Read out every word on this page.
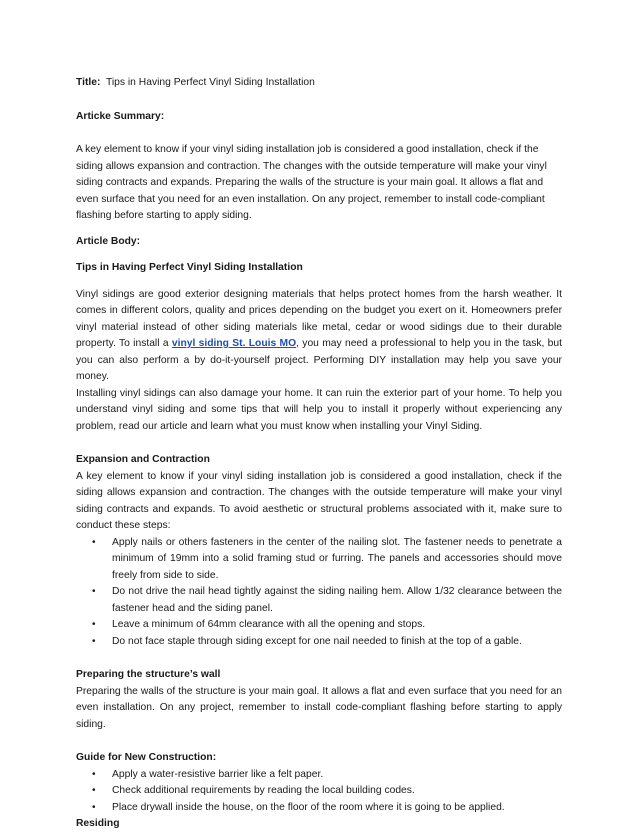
Title: Tips in Having Perfect Vinyl Siding Installation

Articke Summary:

A key element to know if your vinyl siding installation job is considered a good installation, check if the siding allows expansion and contraction. The changes with the outside temperature will make your vinyl siding contracts and expands. Preparing the walls of the structure is your main goal. It allows a flat and even surface that you need for an even installation. On any project, remember to install code-compliant flashing before starting to apply siding.

Article Body:

Tips in Having Perfect Vinyl Siding Installation

Vinyl sidings are good exterior designing materials that helps protect homes from the harsh weather. It comes in different colors, quality and prices depending on the budget you exert on it. Homeowners prefer vinyl material instead of other siding materials like metal, cedar or wood sidings due to their durable property. To install a vinyl siding St. Louis MO, you may need a professional to help you in the task, but you can also perform a by do-it-yourself project. Performing DIY installation may help you save your money.

Installing vinyl sidings can also damage your home. It can ruin the exterior part of your home. To help you understand vinyl siding and some tips that will help you to install it properly without experiencing any problem, read our article and learn what you must know when installing your Vinyl Siding.

Expansion and Contraction

A key element to know if your vinyl siding installation job is considered a good installation, check if the siding allows expansion and contraction. The changes with the outside temperature will make your vinyl siding contracts and expands. To avoid aesthetic or structural problems associated with it, make sure to conduct these steps:

• Apply nails or others fasteners in the center of the nailing slot. The fastener needs to penetrate a minimum of 19mm into a solid framing stud or furring. The panels and accessories should move freely from side to side.
• Do not drive the nail head tightly against the siding nailing hem. Allow 1/32 clearance between the fastener head and the siding panel.
• Leave a minimum of 64mm clearance with all the opening and stops.
• Do not face staple through siding except for one nail needed to finish at the top of a gable.

Preparing the structure’s wall

Preparing the walls of the structure is your main goal. It allows a flat and even surface that you need for an even installation. On any project, remember to install code-compliant flashing before starting to apply siding.

Guide for New Construction:

• Apply a water-resistive barrier like a felt paper.
• Check additional requirements by reading the local building codes.
• Place drywall inside the house, on the floor of the room where it is going to be applied.

Residing
